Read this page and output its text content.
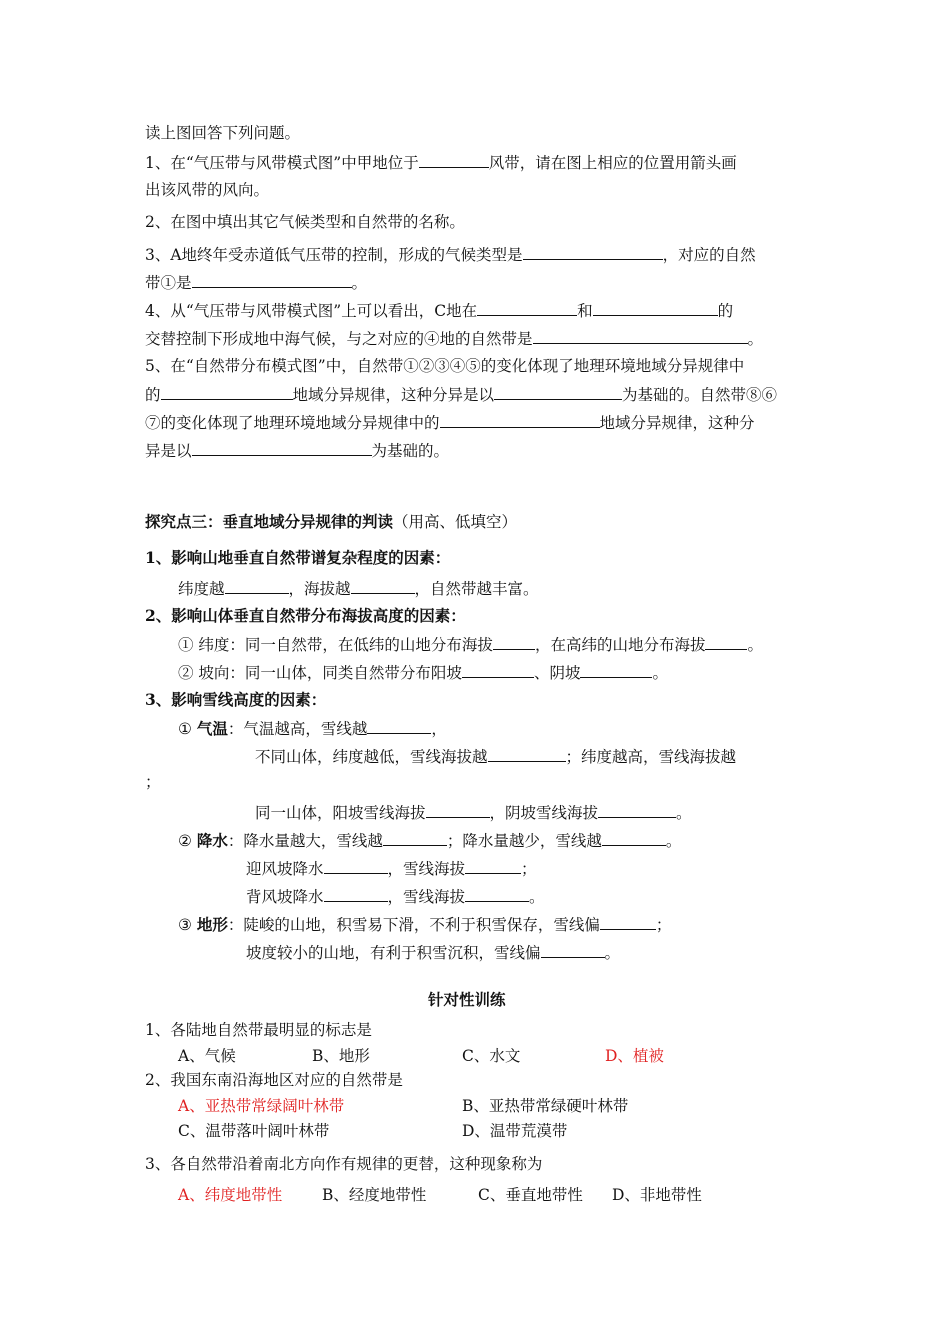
读上图回答下列问题。
1、在“气压带与风带模式图”中甲地位于	风带，请在图上相应的位置用箭头画
出该风带的风向。
2、在图中填出其它气候类型和自然带的名称。
3、A地终年受赤道低气压带的控制，形成的气候类型是	，对应的自然
带①是	。
4、从“气压带与风带模式图”上可以看出，C地在	和	的
交替控制下形成地中海气候，与之对应的④地的自然带是	。
5、在“自然带分布模式图”中，自然带①②③④⑤的变化体现了地理环境地域分异规律中
的	地域分异规律，这种分异是以	为基础的。自然带⑧⑥
⑦的变化体现了地理环境地域分异规律中的	地域分异规律，这种分
异是以	为基础的。
探究点三：垂直地域分异规律的判读（用高、低填空）
1、影响山地垂直自然带谱复杂程度的因素：
纬度越	，海拔越	，自然带越丰富。
2、影响山体垂直自然带分布海拔高度的因素：
① 纬度：同一自然带，在低纬的山地分布海拔	，在高纬的山地分布海拔	。
② 坡向：同一山体，同类自然带分布阳坡	、阴坡	。
3、影响雪线高度的因素：
① 气温：气温越高，雪线越	，
不同山体，纬度越低，雪线海拔越	；纬度越高，雪线海拔越
；
同一山体，阳坡雪线海拔	，阴坡雪线海拔	。
② 降水：降水量越大，雪线越	；降水量越少，雪线越	。
迎风坡降水	，雪线海拔	；
背风坡降水	，雪线海拔	。
③ 地形：陡峻的山地，积雪易下滑，不利于积雪保存，雪线偏	；
坡度较小的山地，有利于积雪沉积，雪线偏	。
针对性训练
1、各陆地自然带最明显的标志是
A、气候	B、地形	C、水文	D、植被
2、我国东南沿海地区对应的自然带是
A、亚热带常绿阔叶林带	B、亚热带常绿硬叶林带
C、温带落叶阔叶林带	D、温带荒漠带
3、各自然带沿着南北方向作有规律的更替，这种现象称为
A、纬度地带性	B、经度地带性	C、垂直地带性 D、非地带性
